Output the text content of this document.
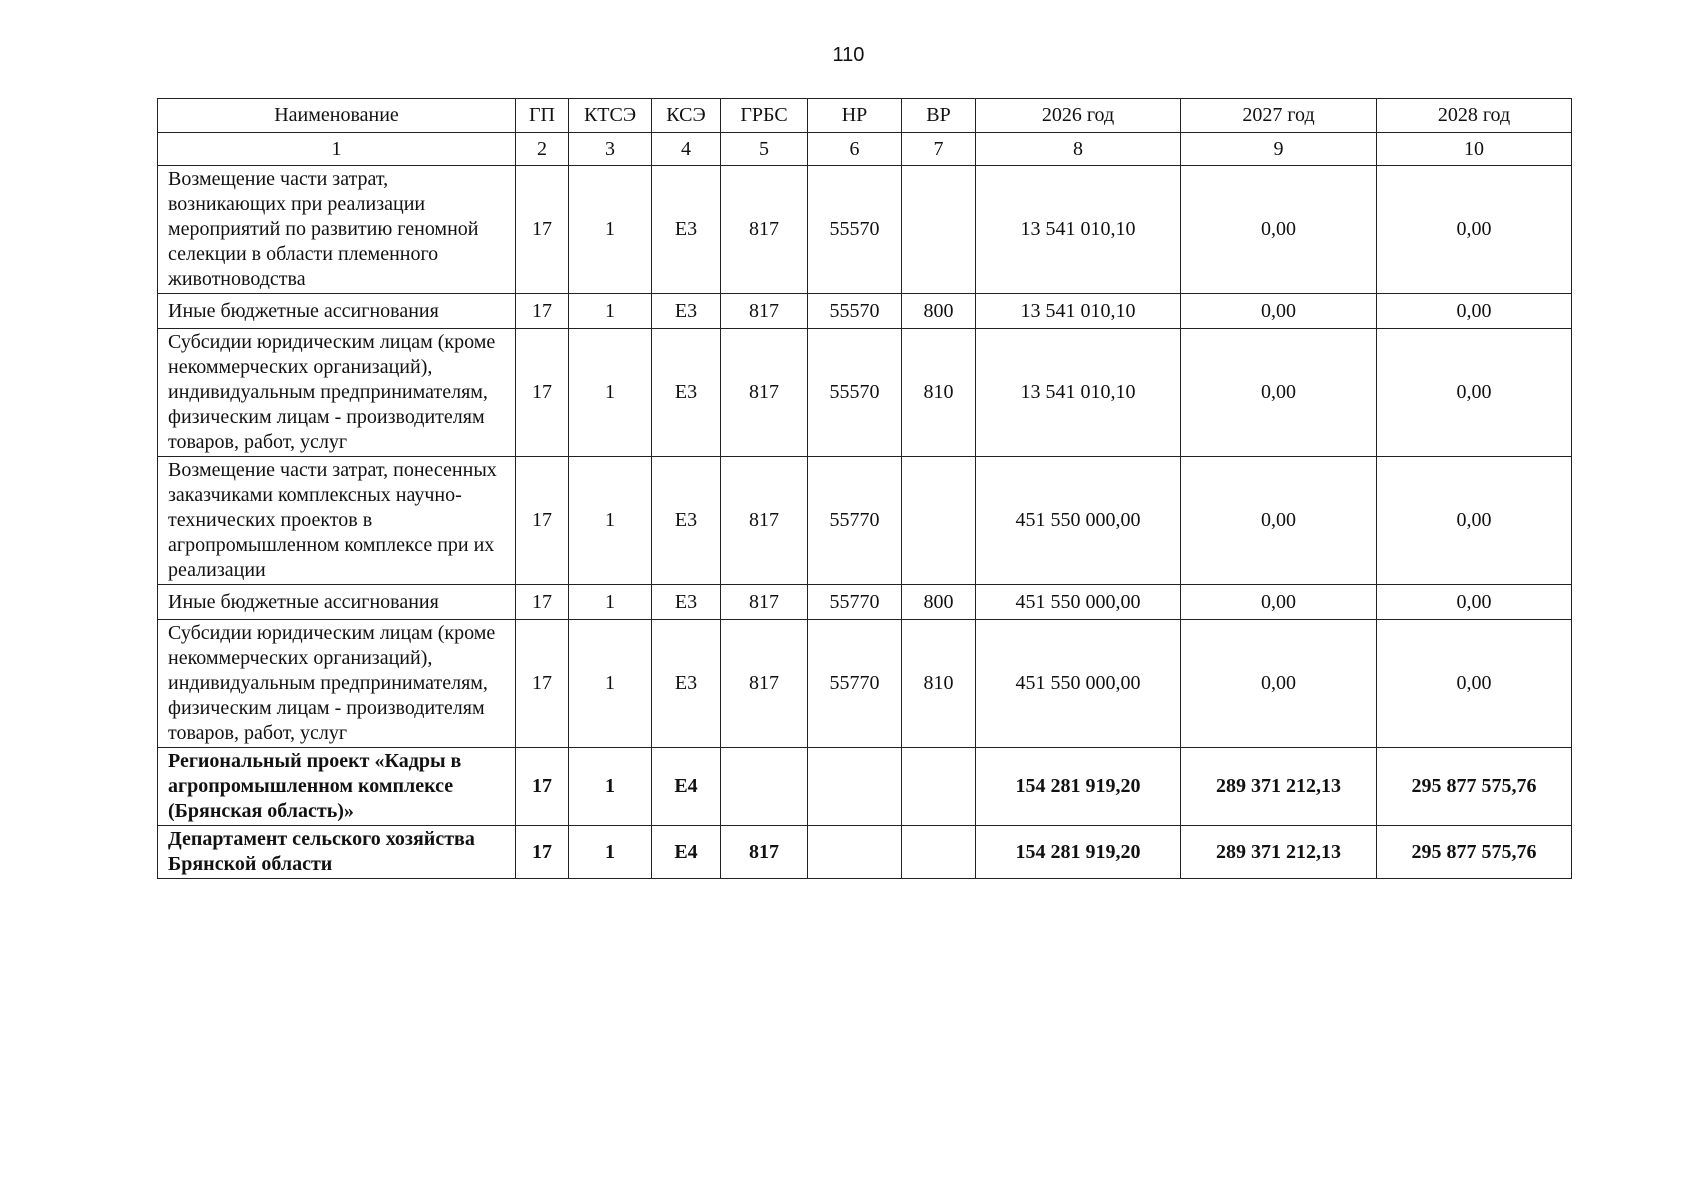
110
Наименование	ГП	КТСЭ	КСЭ	ГРБС	НР	ВР	2026 год	2027 год	2028 год
1	2	3	4	5	6	7	8	9	10
Возмещение части затрат, возникающих при реализации мероприятий по развитию геномной селекции в области племенного животноводства	17	1	Е3	817	55570		13 541 010,10	0,00	0,00
Иные бюджетные ассигнования	17	1	Е3	817	55570	800	13 541 010,10	0,00	0,00
Субсидии юридическим лицам (кроме некоммерческих организаций), индивидуальным предпринимателям, физическим лицам - производителям товаров, работ, услуг	17	1	Е3	817	55570	810	13 541 010,10	0,00	0,00
Возмещение части затрат, понесенных заказчиками комплексных научно-технических проектов в агропромышленном комплексе при их реализации	17	1	Е3	817	55770		451 550 000,00	0,00	0,00
Иные бюджетные ассигнования	17	1	Е3	817	55770	800	451 550 000,00	0,00	0,00
Субсидии юридическим лицам (кроме некоммерческих организаций), индивидуальным предпринимателям, физическим лицам - производителям товаров, работ, услуг	17	1	Е3	817	55770	810	451 550 000,00	0,00	0,00
Региональный проект «Кадры в агропромышленном комплексе (Брянская область)»	17	1	Е4				154 281 919,20	289 371 212,13	295 877 575,76
Департамент сельского хозяйства Брянской области	17	1	Е4	817			154 281 919,20	289 371 212,13	295 877 575,76
